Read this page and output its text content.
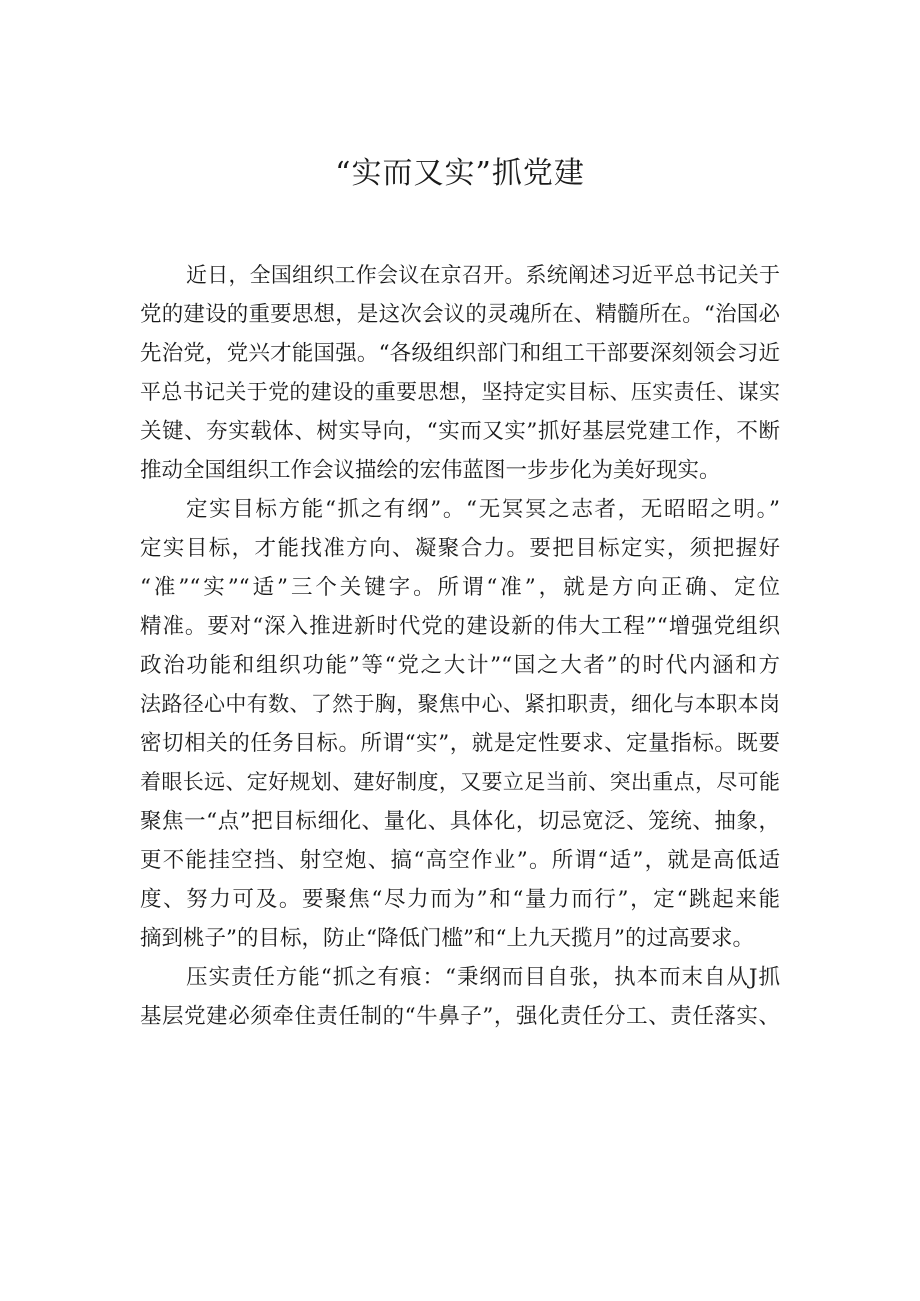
“实而又实”抓党建
近日，全国组织工作会议在京召开。系统阐述习近平总书记关于
党的建设的重要思想，是这次会议的灵魂所在、精髓所在。“治国必
先治党，党兴才能国强。“各级组织部门和组工干部要深刻领会习近
平总书记关于党的建设的重要思想，坚持定实目标、压实责任、谋实
关键、夯实载体、树实导向，“实而又实”抓好基层党建工作，不断
推动全国组织工作会议描绘的宏伟蓝图一步步化为美好现实。
定实目标方能“抓之有纲”。“无冥冥之志者，无昭昭之明。”
定实目标，才能找准方向、凝聚合力。要把目标定实，须把握好
“准”“实”“适”三个关键字。所谓“准”，就是方向正确、定位
精准。要对“深入推进新时代党的建设新的伟大工程”“增强党组织
政治功能和组织功能”等“党之大计”“国之大者”的时代内涵和方
法路径心中有数、了然于胸，聚焦中心、紧扣职责，细化与本职本岗
密切相关的任务目标。所谓“实”，就是定性要求、定量指标。既要
着眼长远、定好规划、建好制度，又要立足当前、突出重点，尽可能
聚焦一“点”把目标细化、量化、具体化，切忌宽泛、笼统、抽象，
更不能挂空挡、射空炮、搞“高空作业”。所谓“适”，就是高低适
度、努力可及。要聚焦“尽力而为”和“量力而行”，定“跳起来能
摘到桃子”的目标，防止“降低门槛”和“上九天揽月”的过高要求。
压实责任方能“抓之有痕：“秉纲而目自张，执本而末自从J抓
基层党建必须牵住责任制的“牛鼻子”，强化责任分工、责任落实、
